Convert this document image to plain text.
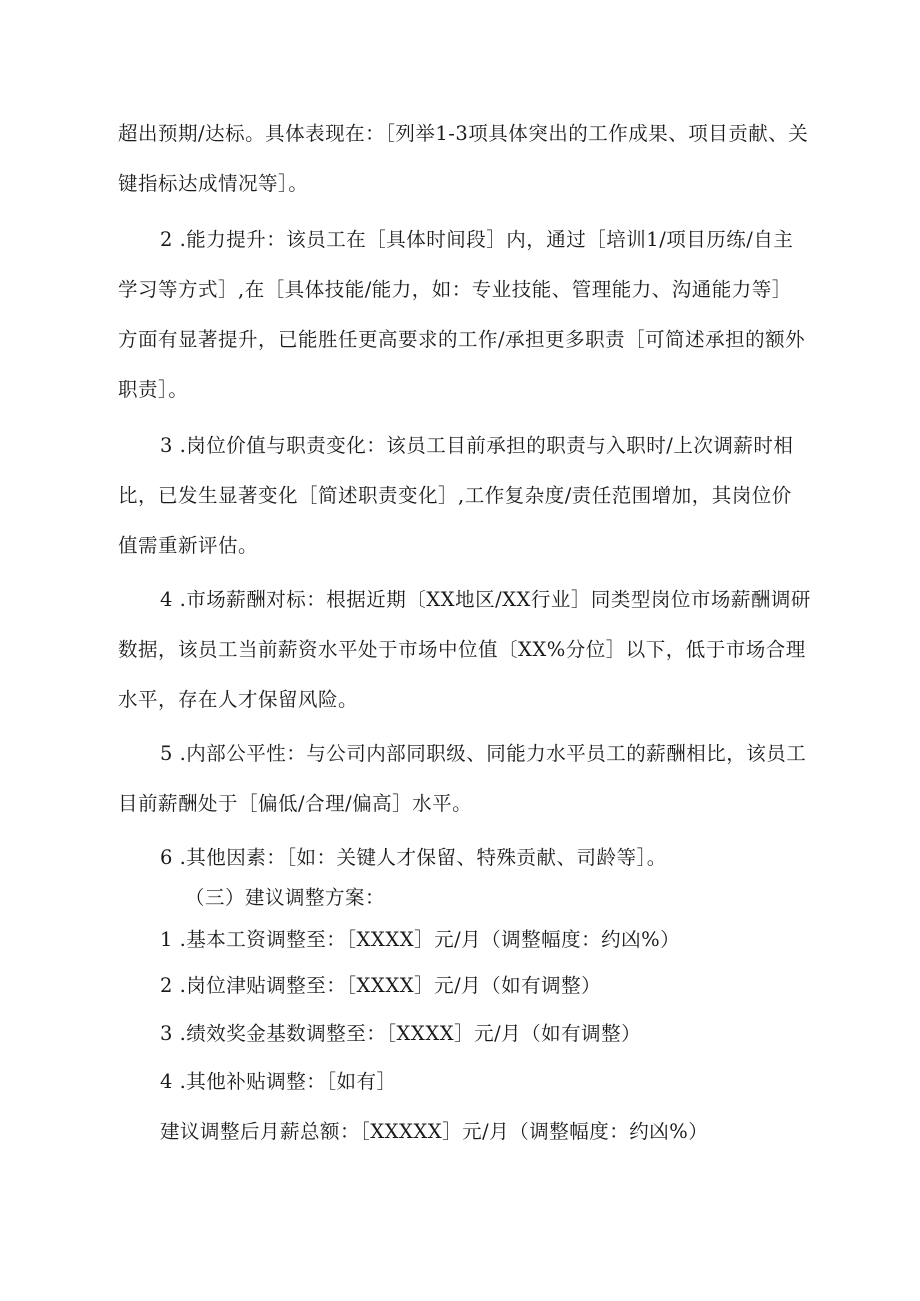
超出预期/达标。具体表现在：［列举1-3项具体突出的工作成果、项目贡献、关
键指标达成情况等］。
2 .能力提升：该员工在［具体时间段］内，通过［培训1/项目历练/自主
学习等方式］,在［具体技能/能力，如：专业技能、管理能力、沟通能力等］
方面有显著提升，已能胜任更高要求的工作/承担更多职责［可简述承担的额外
职责］。
3 .岗位价值与职责变化：该员工目前承担的职责与入职时/上次调薪时相
比，已发生显著变化［简述职责变化］,工作复杂度/责任范围增加，其岗位价
值需重新评估。
4 .市场薪酬对标：根据近期〔XX地区/XX行业］同类型岗位市场薪酬调研
数据，该员工当前薪资水平处于市场中位值〔XX%分位］以下，低于市场合理
水平，存在人才保留风险。
5 .内部公平性：与公司内部同职级、同能力水平员工的薪酬相比，该员工
目前薪酬处于［偏低/合理/偏高］水平。
6 .其他因素：［如：关键人才保留、特殊贡献、司龄等］。
（三）建议调整方案：
1 .基本工资调整至：［XXXX］元/月（调整幅度：约凶%）
2 .岗位津贴调整至：［XXXX］元/月（如有调整）
3 .绩效奖金基数调整至：［XXXX］元/月（如有调整）
4 .其他补贴调整：［如有］
建议调整后月薪总额：［XXXXX］元/月（调整幅度：约凶%）
